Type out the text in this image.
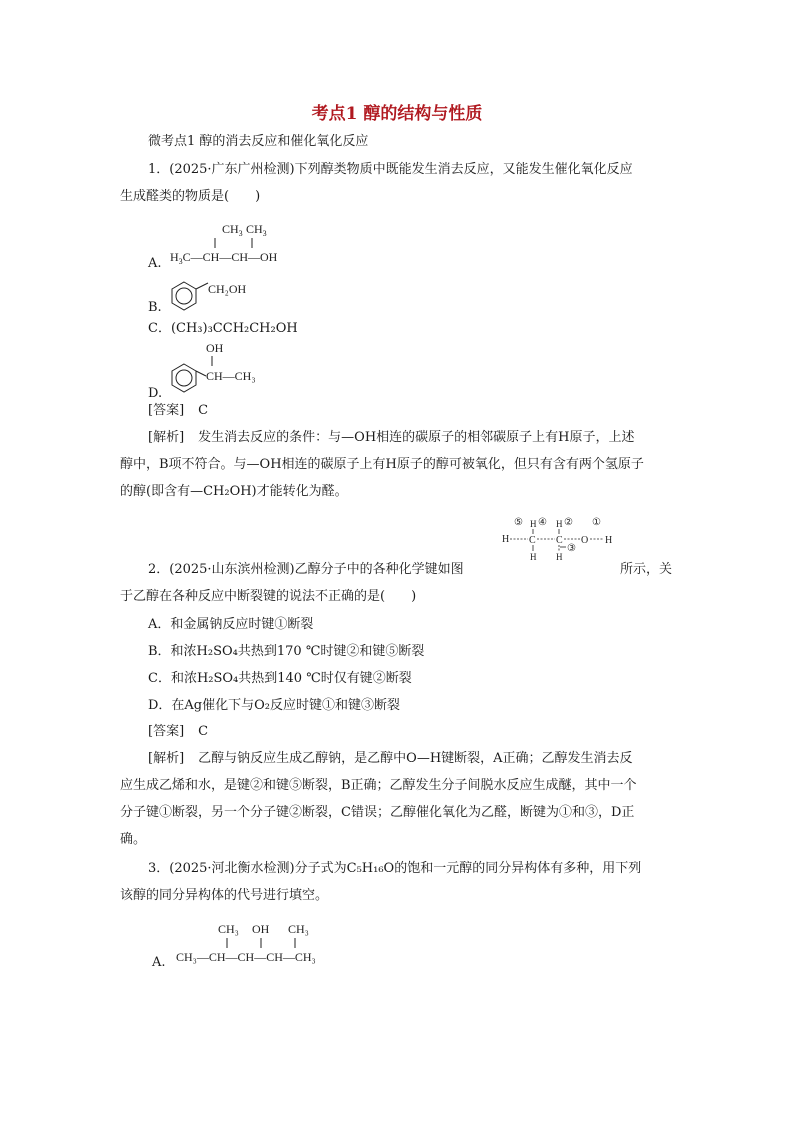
考点1 醇的结构与性质
微考点1 醇的消去反应和催化氧化反应
1．(2025·广东广州检测)下列醇类物质中既能发生消去反应，又能发生催化氧化反应
生成醛类的物质是(　　)
A.
$CH_3$ $CH_3$
$H_3C—CH—CH—OH$
B.
CH₂OH
C．(CH₃)₃CCH₂CH₂OH
D.
OH
CH—CH₃
[答案] C
[解析] 发生消去反应的条件：与—OH相连的碳原子的相邻碳原子上有H原子，上述
醇中，B项不符合。与—OH相连的碳原子上有H原子的醇可被氧化，但只有含有两个氢原子
的醇(即含有—CH₂OH)才能转化为醛。
⑤ ④ ② ①
H H
H C C O H
③
H H
2．(2025·山东滨州检测)乙醇分子中的各种化学键如图	所示，关
于乙醇在各种反应中断裂键的说法不正确的是(　　)
A．和金属钠反应时键①断裂
B．和浓H₂SO₄共热到170 ℃时键②和键⑤断裂
C．和浓H₂SO₄共热到140 ℃时仅有键②断裂
D．在Ag催化下与O₂反应时键①和键③断裂
[答案] C
[解析] 乙醇与钠反应生成乙醇钠，是乙醇中O—H键断裂，A正确；乙醇发生消去反
应生成乙烯和水，是键②和键⑤断裂，B正确；乙醇发生分子间脱水反应生成醚，其中一个
分子键①断裂，另一个分子键②断裂，C错误；乙醇催化氧化为乙醛，断键为①和③，D正
确。
3．(2025·河北衡水检测)分子式为C₅H₁₆O的饱和一元醇的同分异构体有多种，用下列
该醇的同分异构体的代号进行填空。
A.
CH₃ OH CH₃
CH₃—CH—CH—CH—CH₃
